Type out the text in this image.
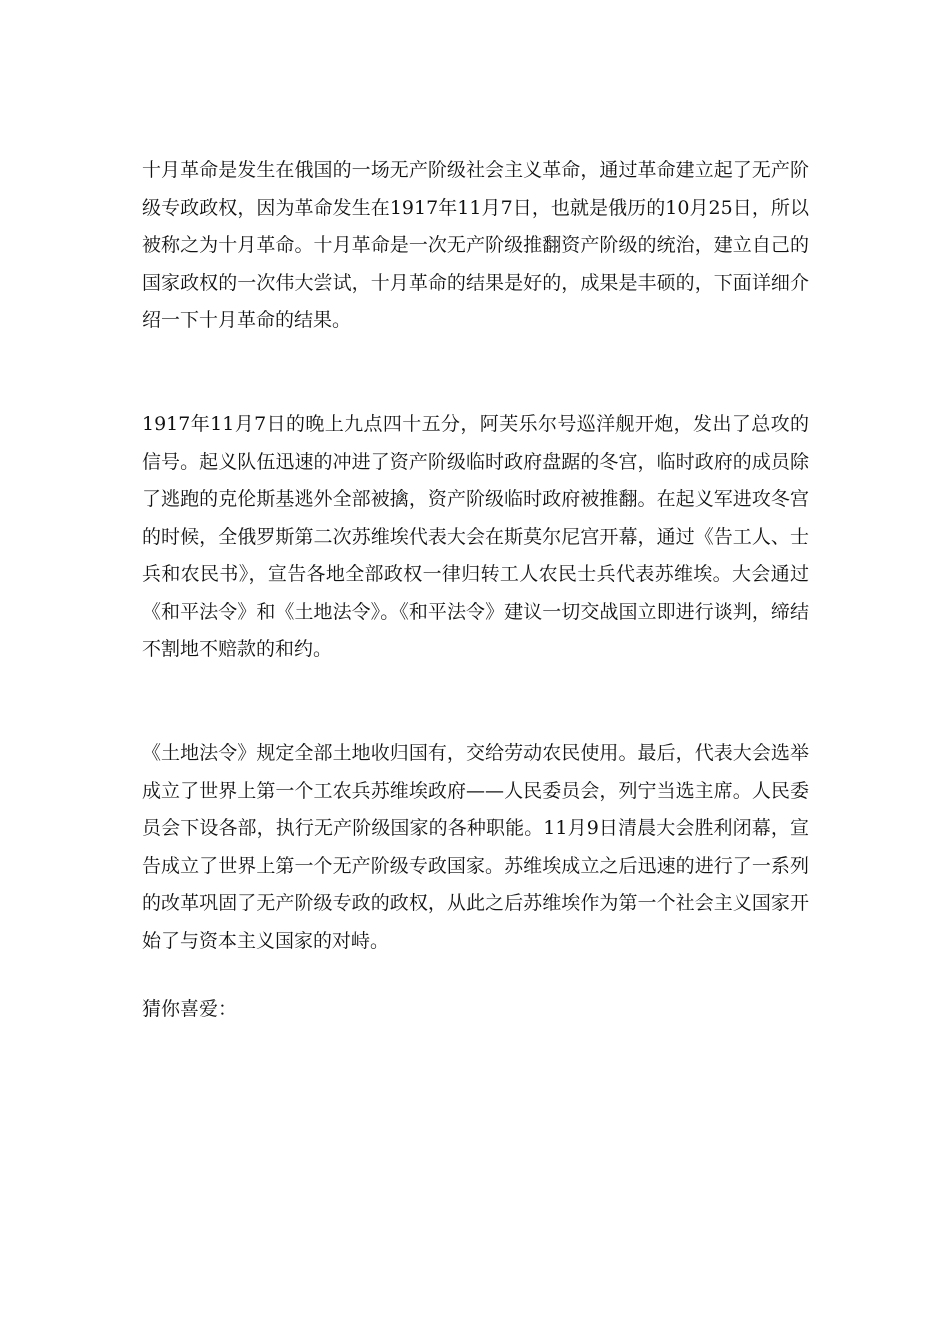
十月革命是发生在俄国的一场无产阶级社会主义革命，通过革命建立起了无产阶级专政政权，因为革命发生在1917年11月7日，也就是俄历的10月25日，所以被称之为十月革命。十月革命是一次无产阶级推翻资产阶级的统治，建立自己的国家政权的一次伟大尝试，十月革命的结果是好的，成果是丰硕的，下面详细介绍一下十月革命的结果。

1917年11月7日的晚上九点四十五分，阿芙乐尔号巡洋舰开炮，发出了总攻的信号。起义队伍迅速的冲进了资产阶级临时政府盘踞的冬宫，临时政府的成员除了逃跑的克伦斯基逃外全部被擒，资产阶级临时政府被推翻。在起义军进攻冬宫的时候，全俄罗斯第二次苏维埃代表大会在斯莫尔尼宫开幕，通过《告工人、士兵和农民书》，宣告各地全部政权一律归转工人农民士兵代表苏维埃。大会通过《和平法令》和《土地法令》。《和平法令》建议一切交战国立即进行谈判，缔结不割地不赔款的和约。

《土地法令》规定全部土地收归国有，交给劳动农民使用。最后，代表大会选举成立了世界上第一个工农兵苏维埃政府——人民委员会，列宁当选主席。人民委员会下设各部，执行无产阶级国家的各种职能。11月9日清晨大会胜利闭幕，宣告成立了世界上第一个无产阶级专政国家。苏维埃成立之后迅速的进行了一系列的改革巩固了无产阶级专政的政权，从此之后苏维埃作为第一个社会主义国家开始了与资本主义国家的对峙。

猜你喜爱：
